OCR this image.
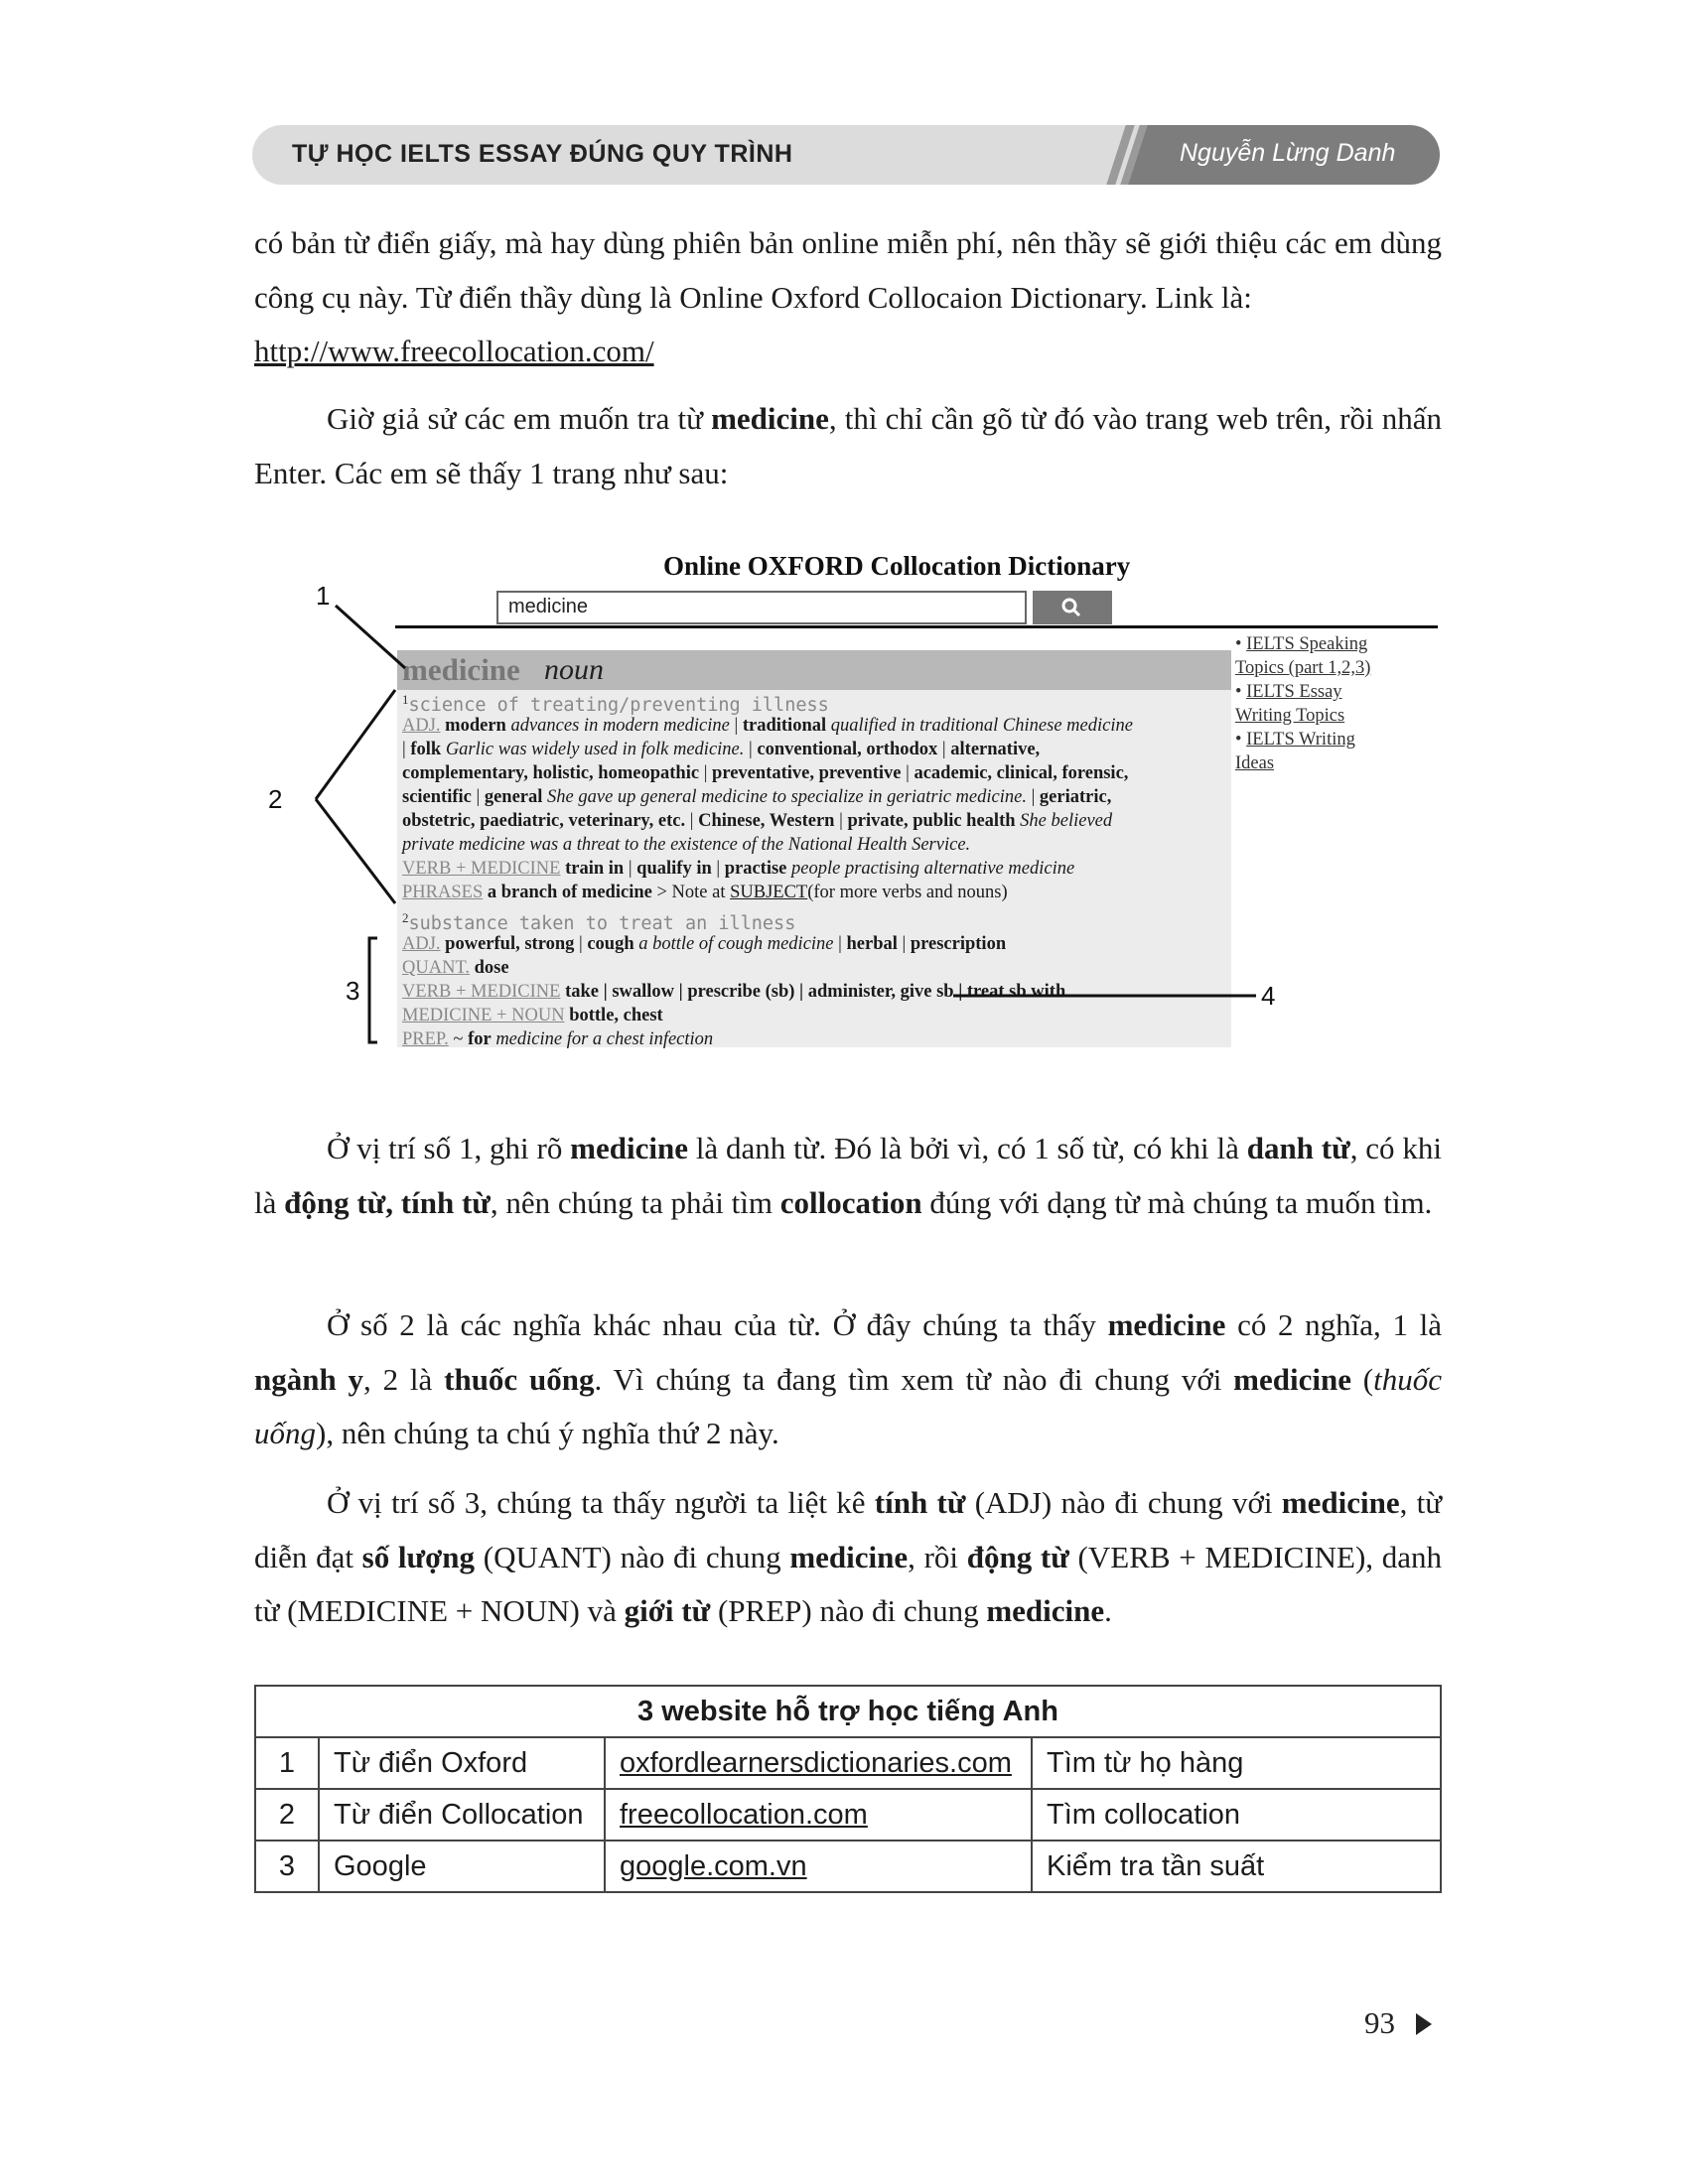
TỰ HỌC IELTS ESSAY ĐÚNG QUY TRÌNH	Nguyễn Lừng Danh
có bản từ điển giấy, mà hay dùng phiên bản online miễn phí, nên thầy sẽ giới thiệu các em dùng công cụ này. Từ điển thầy dùng là Online Oxford Collocaion Dictionary. Link là:
http://www.freecollocation.com/
Giờ giả sử các em muốn tra từ medicine, thì chỉ cần gõ từ đó vào trang web trên, rồi nhấn Enter. Các em sẽ thấy 1 trang như sau:
Online OXFORD Collocation Dictionary
medicine
medicine noun
$^1$science of treating/preventing illness
ADJ. modern advances in modern medicine | traditional qualified in traditional Chinese medicine
| folk Garlic was widely used in folk medicine. | conventional, orthodox | alternative,
complementary, holistic, homeopathic | preventative, preventive | academic, clinical, forensic,
scientific | general She gave up general medicine to specialize in geriatric medicine. | geriatric,
obstetric, paediatric, veterinary, etc. | Chinese, Western | private, public health She believed
private medicine was a threat to the existence of the National Health Service.
VERB + MEDICINE train in | qualify in | practise people practising alternative medicine
PHRASES a branch of medicine > Note at SUBJECT(for more verbs and nouns)
$^2$substance taken to treat an illness
ADJ. powerful, strong | cough a bottle of cough medicine | herbal | prescription
QUANT. dose
VERB + MEDICINE take | swallow | prescribe (sb) | administer, give sb | treat sb with
MEDICINE + NOUN bottle, chest
PREP. ~ for medicine for a chest infection
• IELTS Speaking
Topics (part 1,2,3)
• IELTS Essay
Writing Topics
• IELTS Writing
Ideas
1
2
3	4
Ở vị trí số 1, ghi rõ medicine là danh từ. Đó là bởi vì, có 1 số từ, có khi là danh từ, có khi là động từ, tính từ, nên chúng ta phải tìm collocation đúng với dạng từ mà chúng ta muốn tìm.
Ở số 2 là các nghĩa khác nhau của từ. Ở đây chúng ta thấy medicine có 2 nghĩa, 1 là ngành y, 2 là thuốc uống. Vì chúng ta đang tìm xem từ nào đi chung với medicine (thuốc uống), nên chúng ta chú ý nghĩa thứ 2 này.
Ở vị trí số 3, chúng ta thấy người ta liệt kê tính từ (ADJ) nào đi chung với medicine, từ diễn đạt số lượng (QUANT) nào đi chung medicine, rồi động từ (VERB + MEDICINE), danh từ (MEDICINE + NOUN) và giới từ (PREP) nào đi chung medicine.
3 website hỗ trợ học tiếng Anh			
1	Từ điển Oxford	oxfordlearnersdictionaries.com	Tìm từ họ hàng
2	Từ điển Collocation	freecollocation.com	Tìm collocation
3	Google	google.com.vn	Kiểm tra tần suất
93
